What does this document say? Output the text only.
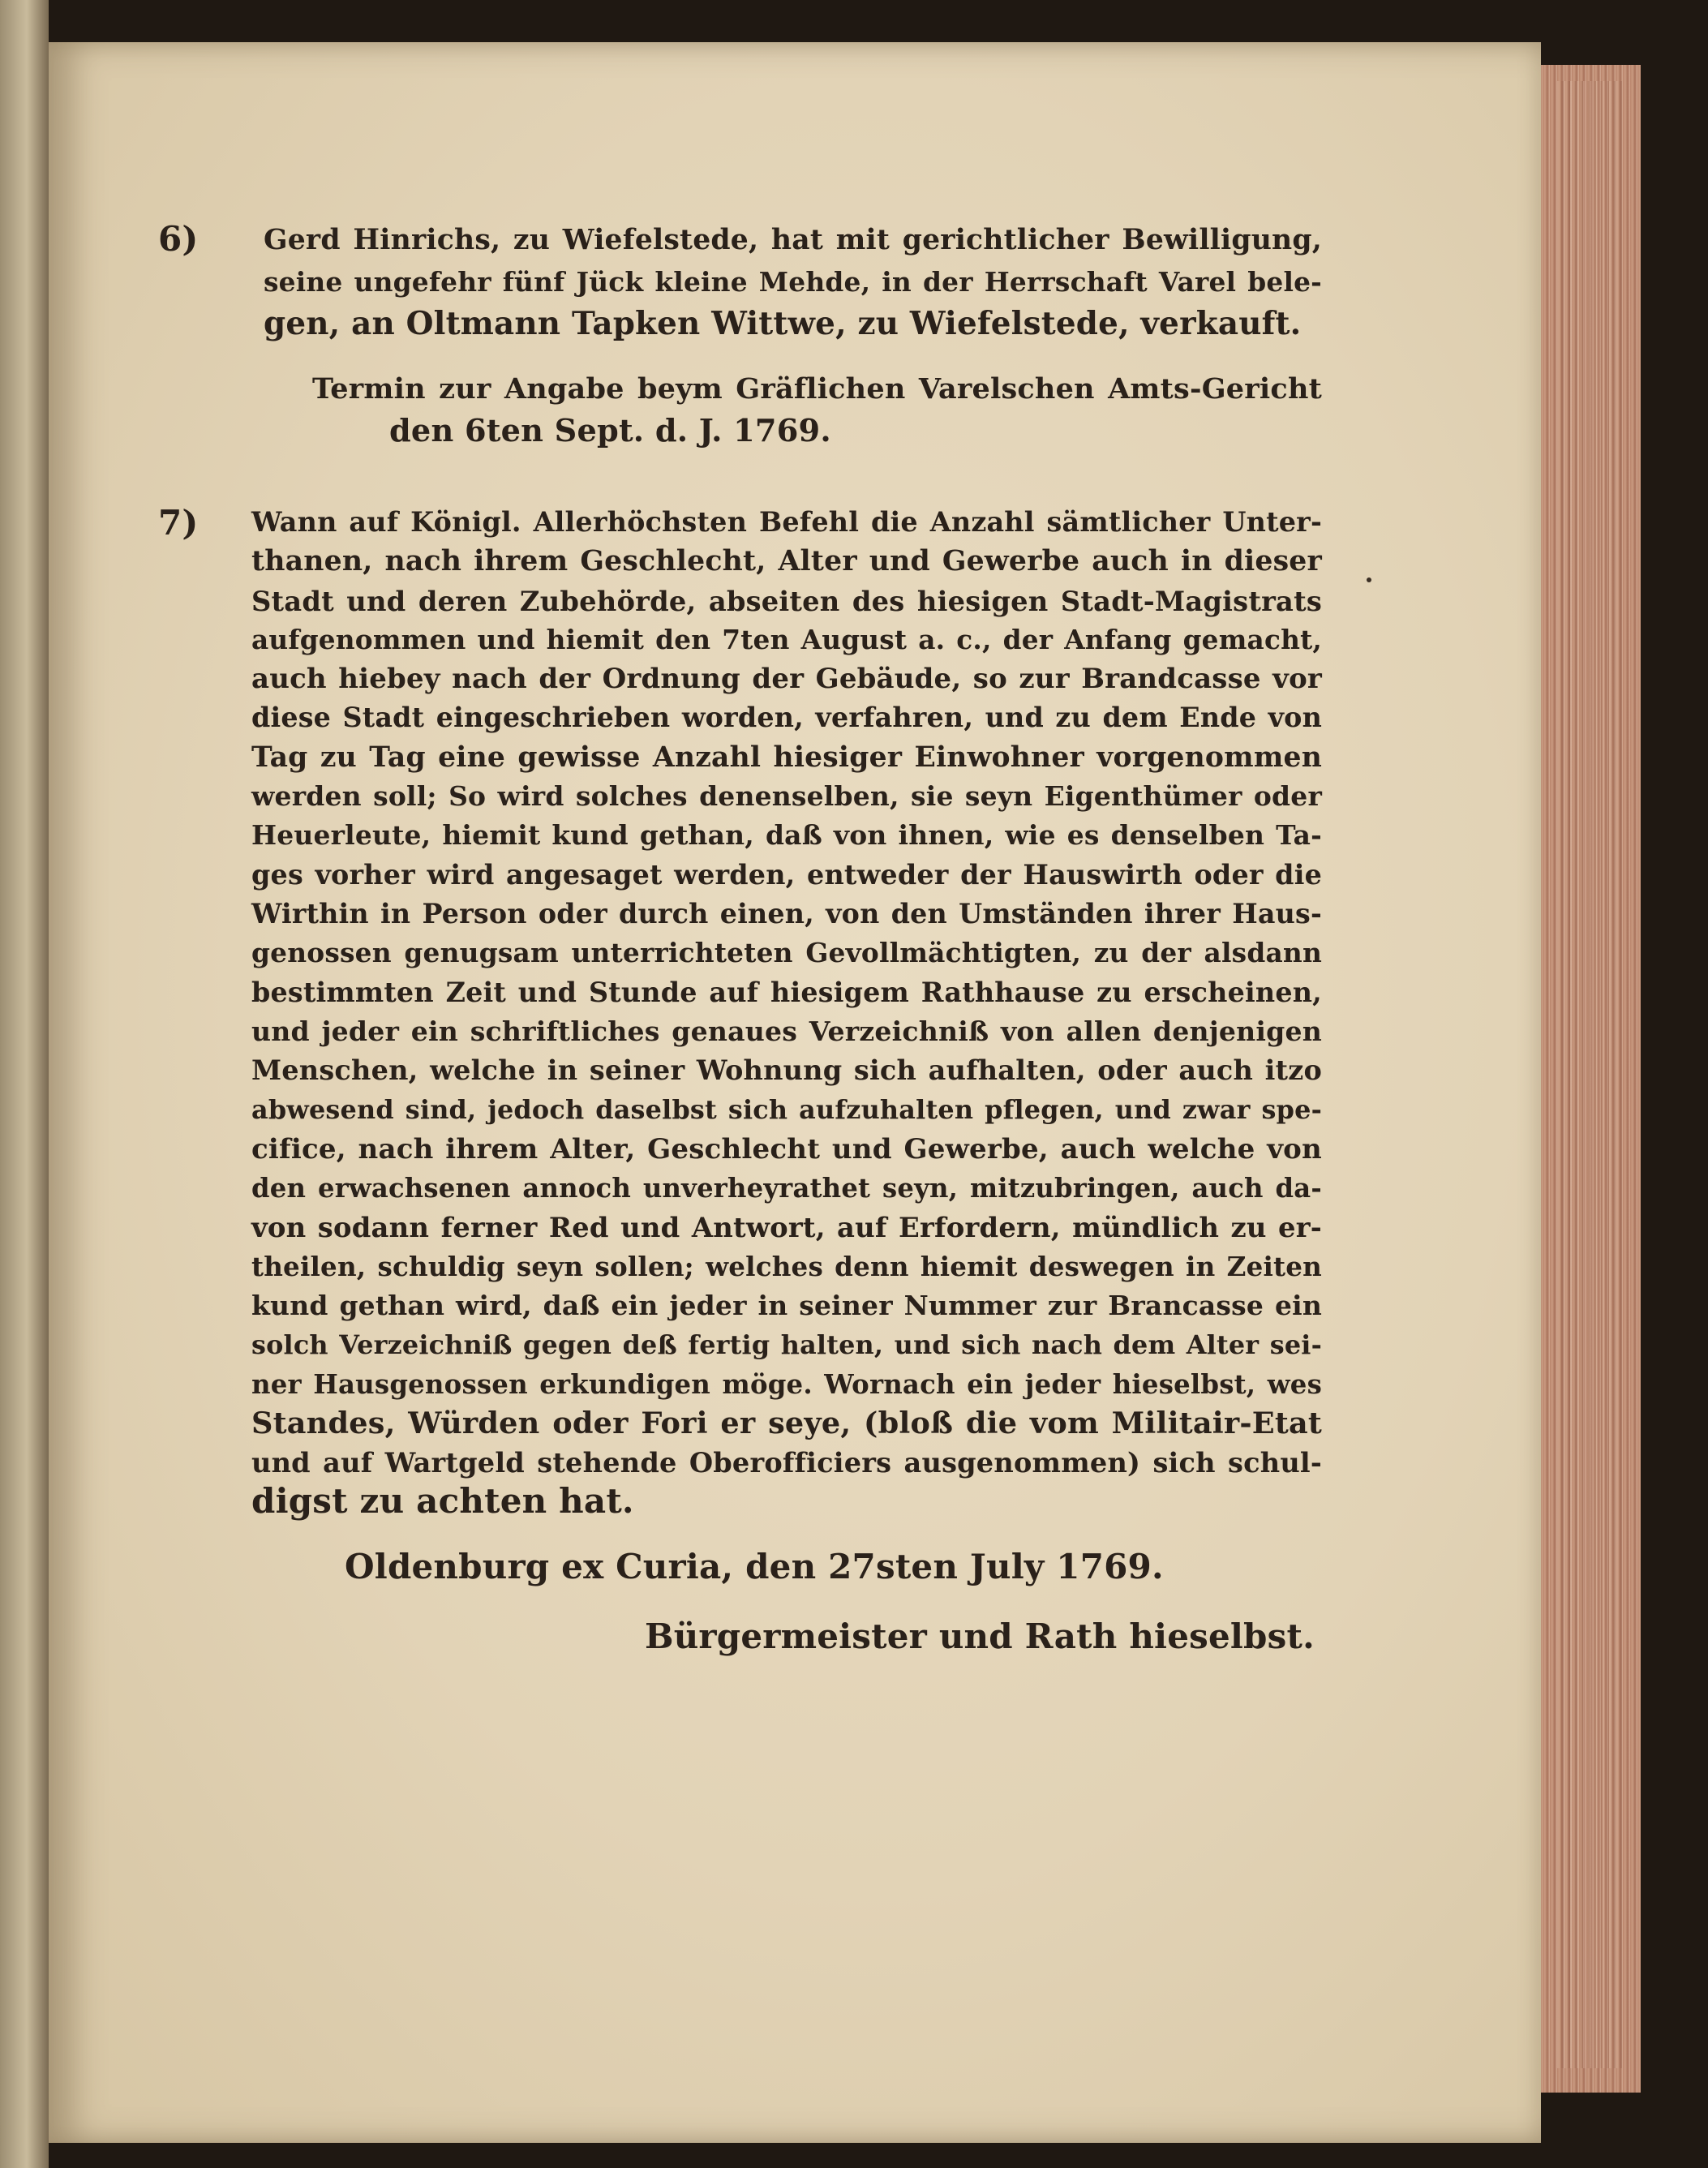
6)	Gerd Hinrichs, zu Wiefelstede, hat mit gerichtlicher Bewilligung,
seine ungefehr fünf Jück kleine Mehde, in der Herrschaft Varel bele-
gen, an Oltmann Tapken Wittwe, zu Wiefelstede, verkauft.
Termin zur Angabe beym Gräflichen Varelschen Amts-Gericht
den 6ten Sept. d. J. 1769.
7)	Wann auf Königl. Allerhöchsten Befehl die Anzahl sämtlicher Unter-
thanen, nach ihrem Geschlecht, Alter und Gewerbe auch in dieser
Stadt und deren Zubehörde, abseiten des hiesigen Stadt-Magistrats
aufgenommen und hiemit den 7ten August a. c., der Anfang gemacht,
auch hiebey nach der Ordnung der Gebäude, so zur Brandcasse vor
diese Stadt eingeschrieben worden, verfahren, und zu dem Ende von
Tag zu Tag eine gewisse Anzahl hiesiger Einwohner vorgenommen
werden soll; So wird solches denenselben, sie seyn Eigenthümer oder
Heuerleute, hiemit kund gethan, daß von ihnen, wie es denselben Ta-
ges vorher wird angesaget werden, entweder der Hauswirth oder die
Wirthin in Person oder durch einen, von den Umständen ihrer Haus-
genossen genugsam unterrichteten Gevollmächtigten, zu der alsdann
bestimmten Zeit und Stunde auf hiesigem Rathhause zu erscheinen,
und jeder ein schriftliches genaues Verzeichniß von allen denjenigen
Menschen, welche in seiner Wohnung sich aufhalten, oder auch itzo
abwesend sind, jedoch daselbst sich aufzuhalten pflegen, und zwar spe-
cifice, nach ihrem Alter, Geschlecht und Gewerbe, auch welche von
den erwachsenen annoch unverheyrathet seyn, mitzubringen, auch da-
von sodann ferner Red und Antwort, auf Erfordern, mündlich zu er-
theilen, schuldig seyn sollen; welches denn hiemit deswegen in Zeiten
kund gethan wird, daß ein jeder in seiner Nummer zur Brancasse ein
solch Verzeichniß gegen deß fertig halten, und sich nach dem Alter sei-
ner Hausgenossen erkundigen möge. Wornach ein jeder hieselbst, wes
Standes, Würden oder Fori er seye, (bloß die vom Militair-Etat
und auf Wartgeld stehende Oberofficiers ausgenommen) sich schul-
digst zu achten hat.
Oldenburg ex Curia, den 27sten July 1769.
Bürgermeister und Rath hieselbst.
